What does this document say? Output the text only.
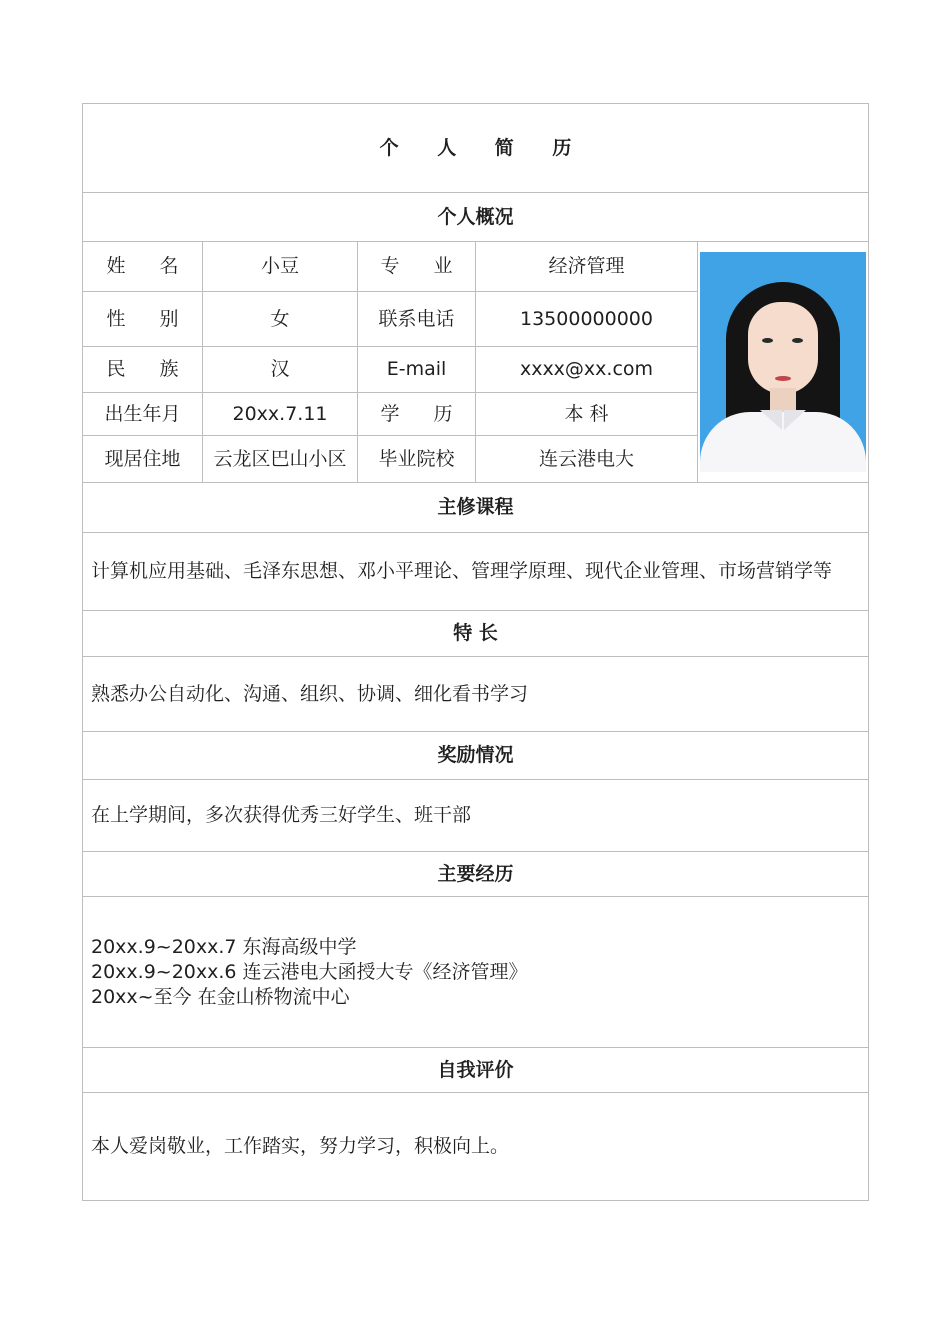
个 人 简 历				
个人概况				
姓 名	小豆	专 业	经济管理	

性 别	女	联系电话	13500000000	
民 族	汉	E-mail	xxxx@xx.com	
出生年月	20xx.7.11	学 历	本 科	
现居住地	云龙区巴山小区	毕业院校	连云港电大	
主修课程				
计算机应用基础、毛泽东思想、邓小平理论、管理学原理、现代企业管理、市场营销学等				
特 长				
熟悉办公自动化、沟通、组织、协调、细化看书学习				
奖励情况				
在上学期间，多次获得优秀三好学生、班干部				
主要经历				

20xx.9~20xx.7 东海高级中学
20xx.9~20xx.6 连云港电大函授大专《经济管理》
20xx~至今 在金山桥物流中心				

自我评价				
本人爱岗敬业，工作踏实，努力学习，积极向上。				
